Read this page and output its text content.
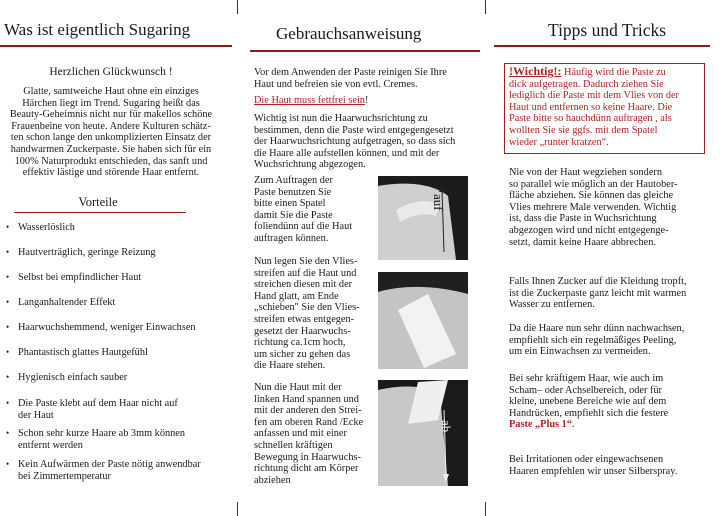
Was ist eigentlich Sugaring
Herzlichen Glückwunsch !
Glatte, samtweiche Haut ohne ein einziges
Härchen liegt im Trend. Sugaring heißt das
Beauty-Geheimnis nicht nur für makellos schöne
Frauenbeine von heute. Andere Kulturen schätz-
ten schon lange den unkomplizierten Einsatz der
handwarmen Zuckerpaste. Sie haben sich für ein
100% Naturprodukt entschieden, das sanft und
effektiv lästige und störende Haar entfernt.
Vorteile
• Wasserlöslich
• Hautverträglich, geringe Reizung
• Selbst bei empfindlicher Haut
• Langanhaltender Effekt
• Haarwuchshemmend, weniger Einwachsen
• Phantastisch glattes Hautgefühl
• Hygienisch einfach sauber
• Die Paste klebt auf dem Haar nicht auf
der Haut
• Schon sehr kurze Haare ab 3mm können
entfernt werden
• Kein Aufwärmen der Paste nötig anwendbar
bei Zimmertemperatur
Gebrauchsanweisung
Vor dem Anwenden der Paste reinigen Sie Ihre
Haut und befreien sie von evtl. Cremes.
Die Haut muss fettfrei sein!
Wichtig ist nun die Haarwuchsrichtung zu
bestimmen, denn die Paste wird entgegengesetzt
der Haarwuchsrichtung aufgetragen, so dass sich
die Haare alle aufstellen können, und mit der
Wuchsrichtung abgezogen.
Zum Auftragen der
Paste benutzen Sie
bitte einen Spatel
damit Sie die Paste
foliendünn auf die Haut
auftragen können.
Nun legen Sie den Vlies-
streifen auf die Haut und
streichen diesen mit der
Hand glatt, am Ende
„schieben" Sie den Vlies-
streifen etwas entgegen-
gesetzt der Haarwuchs-
richtung ca.1cm hoch,
um sicher zu gehen das
die Haare stehen.
Nun die Haut mit der
linken Hand spannen und
mit der anderen den Strei-
fen am oberen Rand /Ecke
anfassen und mit einer
schnellen kräftigen
Bewegung in Haarwuchs-
richtung dicht am Körper
abziehen
auf
ab
Tipps und Tricks
!Wichtig!: Häufig wird die Paste zu
dick aufgetragen. Dadurch ziehen Sie
lediglich die Paste mit dem Vlies von der
Haut und entfernen so keine Haare. Die
Paste bitte so hauchdünn auftragen , als
wollten Sie sie ggfs. mit dem Spatel
wieder „runter kratzen“.
Nie von der Haut wegziehen sondern
so parallel wie möglich an der Hautober-
fläche abziehen. Sie können das gleiche
Vlies mehrere Male verwenden. Wichtig
ist, dass die Paste in Wuchsrichtung
abgezogen wird und nicht entgegenge-
setzt, damit keine Haare abbrechen.
Falls Ihnen Zucker auf die Kleidung tropft,
ist die Zuckerpaste ganz leicht mit warmen
Wasser zu entfernen.
Da die Haare nun sehr dünn nachwachsen,
empfiehlt sich ein regelmäßiges Peeling,
um ein Einwachsen zu vermeiden.
Bei sehr kräftigem Haar, wie auch im
Scham– oder Achselbereich, oder für
kleine, unebene Bereiche wie auf dem
Handrücken, empfiehlt sich die festere
Paste „Plus 1“.
Bei Irritationen oder eingewachsenen
Haaren empfehlen wir unser Silberspray.
